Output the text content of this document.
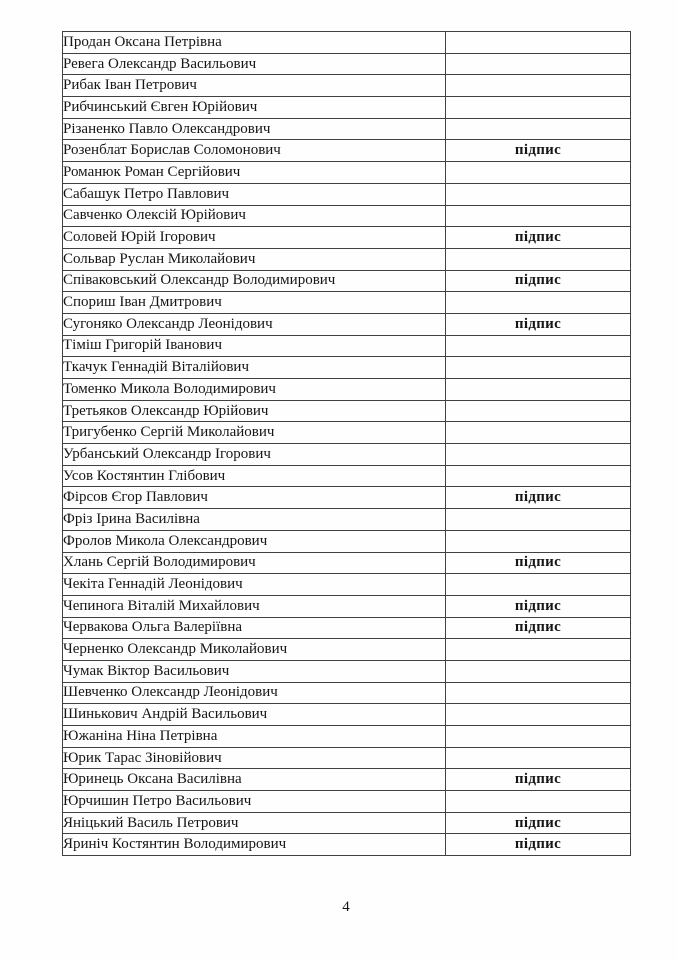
Продан Оксана Петрівна	
Ревега Олександр Васильович	
Рибак Іван Петрович	
Рибчинський Євген Юрійович	
Різаненко Павло Олександрович	
Розенблат Борислав Соломонович	підпис
Романюк Роман Сергійович	
Сабашук Петро Павлович	
Савченко Олексій Юрійович	
Соловей Юрій Ігорович	підпис
Сольвар Руслан Миколайович	
Співаковський Олександр Володимирович	підпис
Спориш Іван Дмитрович	
Сугоняко Олександр Леонідович	підпис
Тіміш Григорій Іванович	
Ткачук Геннадій Віталійович	
Томенко Микола Володимирович	
Третьяков Олександр Юрійович	
Тригубенко Сергій Миколайович	
Урбанський Олександр Ігорович	
Усов Костянтин Глібович	
Фірсов Єгор Павлович	підпис
Фріз Ірина Василівна	
Фролов Микола Олександрович	
Хлань Сергій Володимирович	підпис
Чекіта Геннадій Леонідович	
Чепинога Віталій Михайлович	підпис
Червакова Ольга Валеріївна	підпис
Черненко Олександр Миколайович	
Чумак Віктор Васильович	
Шевченко Олександр Леонідович	
Шинькович Андрій Васильович	
Южаніна Ніна Петрівна	
Юрик Тарас Зіновійович	
Юринець Оксана Василівна	підпис
Юрчишин Петро Васильович	
Яніцький Василь Петрович	підпис
Яриніч Костянтин Володимирович	підпис
4
